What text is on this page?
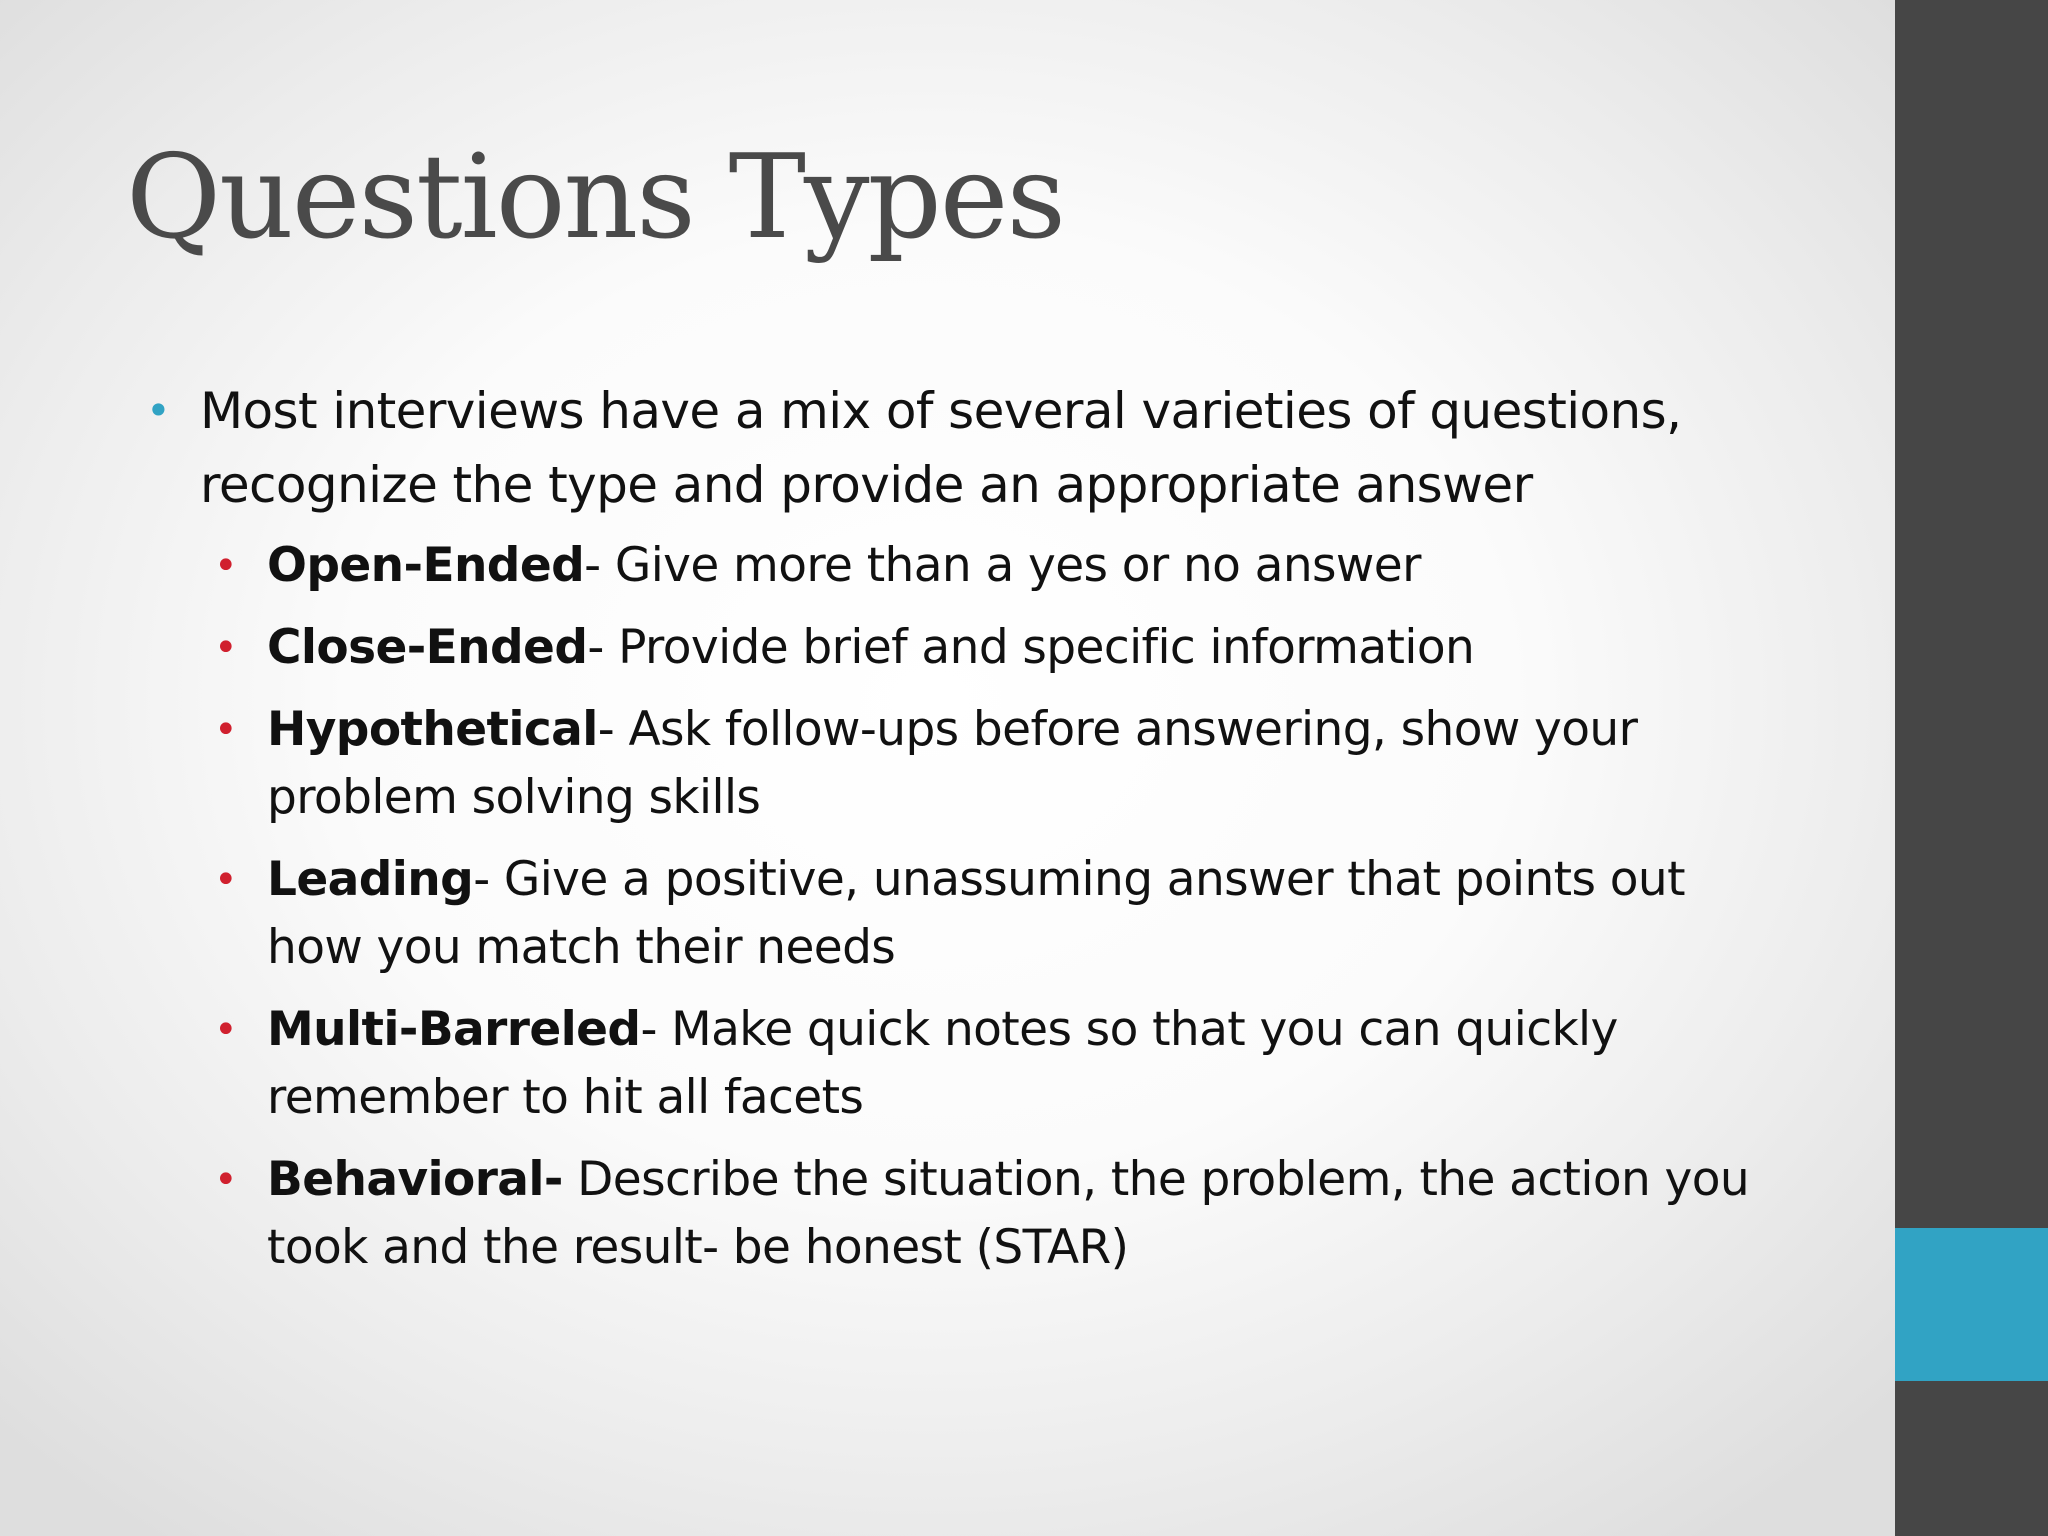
Questions Types
• Most interviews have a mix of several varieties of questions, recognize the type and provide an appropriate answer
• Open-Ended- Give more than a yes or no answer
• Close-Ended- Provide brief and specific information
• Hypothetical- Ask follow-ups before answering, show your problem solving skills
• Leading- Give a positive, unassuming answer that points out how you match their needs
• Multi-Barreled- Make quick notes so that you can quickly remember to hit all facets
• Behavioral- Describe the situation, the problem, the action you took and the result- be honest (STAR)
